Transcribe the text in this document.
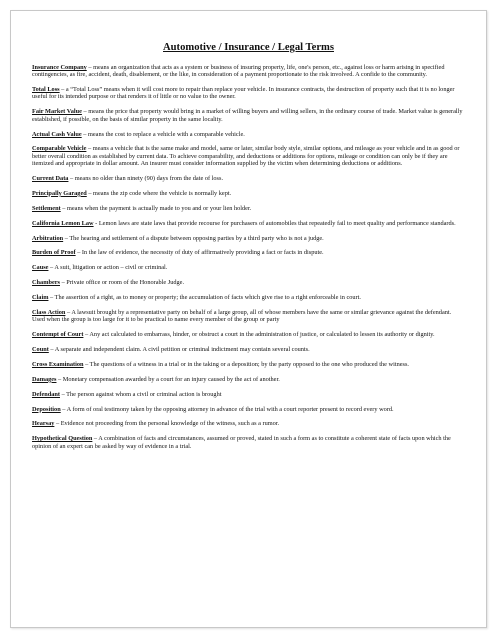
Automotive / Insurance / Legal Terms

Insurance Company – means an organization that acts as a system or business of insuring property, life, one's person, etc., against loss or harm arising in specified contingencies, as fire, accident, death, disablement, or the like, in consideration of a payment proportionate to the risk involved. A confide to the community.

Total Loss – a “Total Loss” means when it will cost more to repair than replace your vehicle. In insurance contracts, the destruction of property such that it is no longer useful for its intended purpose or that renders it of little or no value to the owner.

Fair Market Value – means the price that property would bring in a market of willing buyers and willing sellers, in the ordinary course of trade. Market value is generally established, if possible, on the basis of similar property in the same locality.

Actual Cash Value – means the cost to replace a vehicle with a comparable vehicle.

Comparable Vehicle – means a vehicle that is the same make and model, same or later, similar body style, similar options, and mileage as your vehicle and in as good or better overall condition as established by current data. To achieve comparability, and deductions or additions for options, mileage or condition can only be if they are itemized and appropriate in dollar amount. An insurer must consider information supplied by the victim when determining deductions or additions.

Current Data – means no older than ninety (90) days from the date of loss.

Principally Garaged – means the zip code where the vehicle is normally kept.

Settlement – means when the payment is actually made to you and or your lien holder.

California Lemon Law - Lemon laws are state laws that provide recourse for purchasers of automobiles that repeatedly fail to meet quality and performance standards.

Arbitration – The hearing and settlement of a dispute between opposing parties by a third party who is not a judge.

Burden of Proof – In the law of evidence, the necessity of duty of affirmatively providing a fact or facts in dispute.

Cause – A suit, litigation or action – civil or criminal.

Chambers – Private office or room of the Honorable Judge.

Claim – The assertion of a right, as to money or property; the accumulation of facts which give rise to a right enforceable in court.

Class Action – A lawsuit brought by a representative party on behalf of a large group, all of whose members have the same or similar grievance against the defendant. Used when the group is too large for it to be practical to name every member of the group or party

Contempt of Court – Any act calculated to embarrass, hinder, or obstruct a court in the administration of justice, or calculated to lessen its authority or dignity.

Count – A separate and independent claim. A civil petition or criminal indictment may contain several counts.

Cross Examination – The questions of a witness in a trial or in the taking or a deposition; by the party opposed to the one who produced the witness.

Damages – Monetary compensation awarded by a court for an injury caused by the act of another.

Defendant – The person against whom a civil or criminal action is brought

Deposition – A form of oral testimony taken by the opposing attorney in advance of the trial with a court reporter present to record every word.

Hearsay – Evidence not proceeding from the personal knowledge of the witness, such as a rumor.

Hypothetical Question – A combination of facts and circumstances, assumed or proved, stated in such a form as to constitute a coherent state of facts upon which the opinion of an expert can be asked by way of evidence in a trial.
